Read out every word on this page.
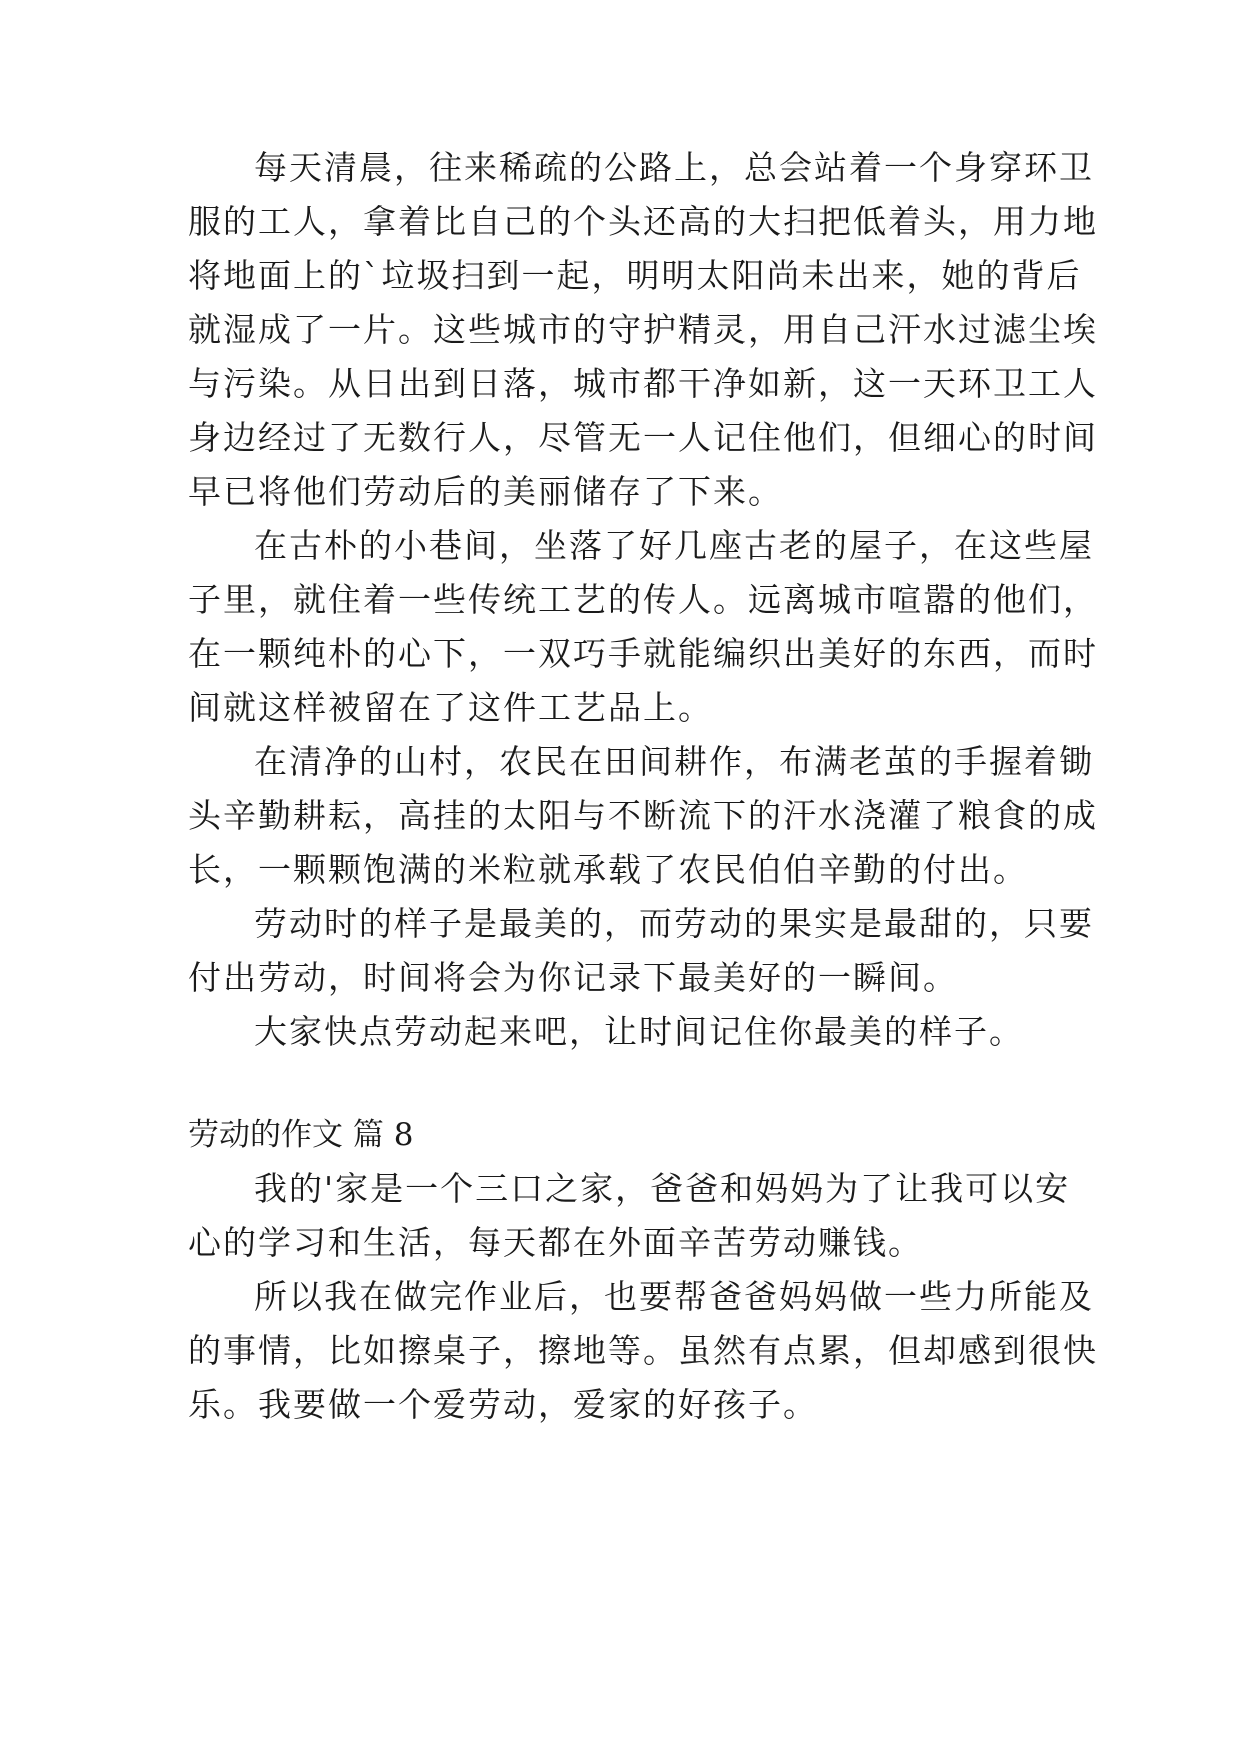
每天清晨，往来稀疏的公路上，总会站着一个身穿环卫
服的工人，拿着比自己的个头还高的大扫把低着头，用力地
将地面上的`垃圾扫到一起，明明太阳尚未出来，她的背后
就湿成了一片。这些城市的守护精灵，用自己汗水过滤尘埃
与污染。从日出到日落，城市都干净如新，这一天环卫工人
身边经过了无数行人，尽管无一人记住他们，但细心的时间
早已将他们劳动后的美丽储存了下来。
在古朴的小巷间，坐落了好几座古老的屋子，在这些屋
子里，就住着一些传统工艺的传人。远离城市喧嚣的他们，
在一颗纯朴的心下，一双巧手就能编织出美好的东西，而时
间就这样被留在了这件工艺品上。
在清净的山村，农民在田间耕作，布满老茧的手握着锄
头辛勤耕耘，高挂的太阳与不断流下的汗水浇灌了粮食的成
长，一颗颗饱满的米粒就承载了农民伯伯辛勤的付出。
劳动时的样子是最美的，而劳动的果实是最甜的，只要
付出劳动，时间将会为你记录下最美好的一瞬间。
大家快点劳动起来吧，让时间记住你最美的样子。
劳动的作文 篇 8
我的'家是一个三口之家，爸爸和妈妈为了让我可以安
心的学习和生活，每天都在外面辛苦劳动赚钱。
所以我在做完作业后，也要帮爸爸妈妈做一些力所能及
的事情，比如擦桌子，擦地等。虽然有点累，但却感到很快
乐。我要做一个爱劳动，爱家的好孩子。
